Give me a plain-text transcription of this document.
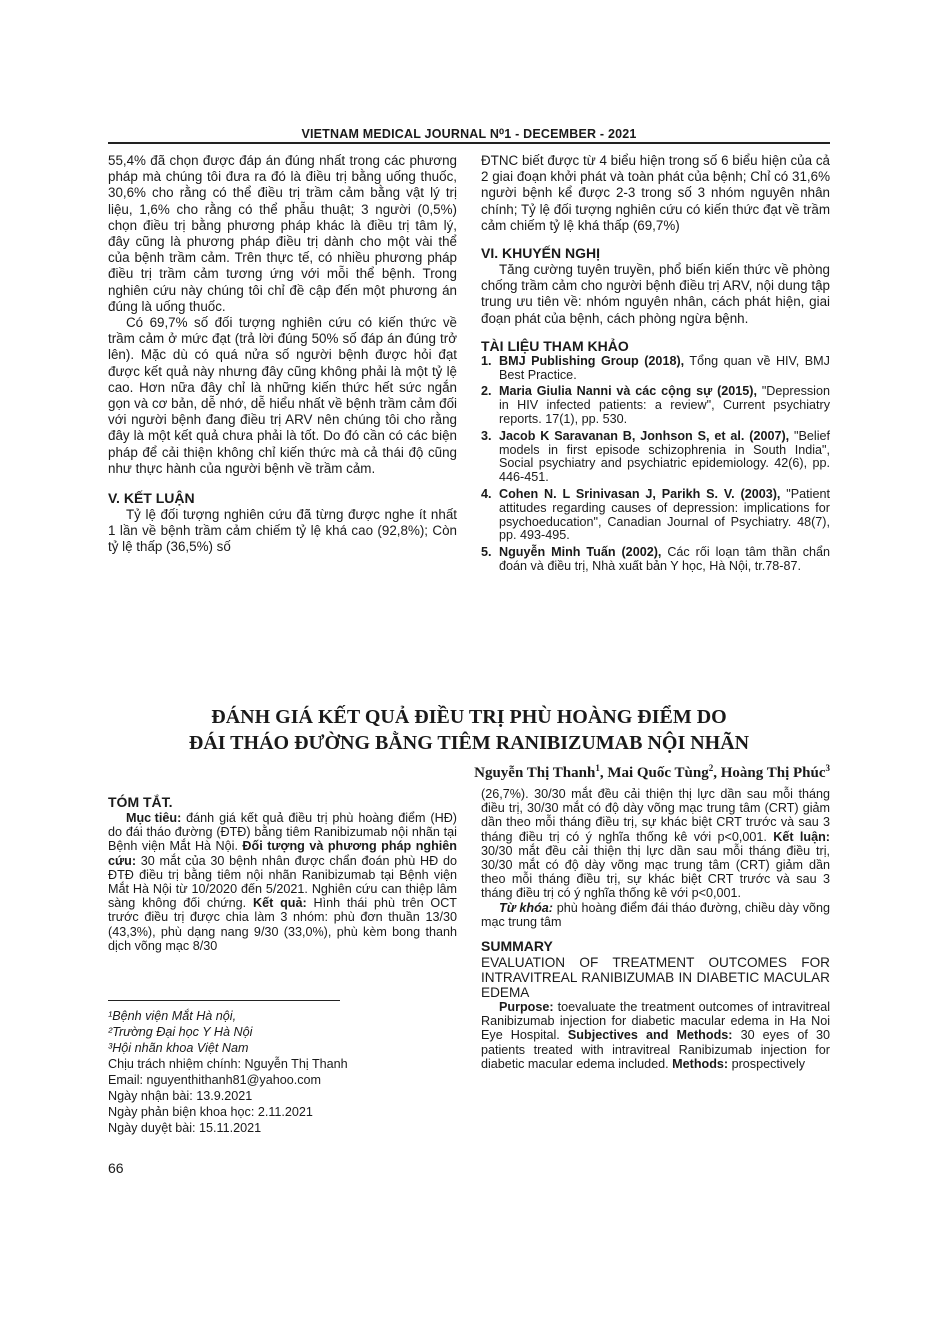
VIETNAM MEDICAL JOURNAL N⁰1 - DECEMBER - 2021

55,4% đã chọn được đáp án đúng nhất trong các phương pháp mà chúng tôi đưa ra đó là điều trị bằng uống thuốc, 30,6% cho rằng có thể điều trị trầm cảm bằng vật lý trị liệu, 1,6% cho rằng có thể phẫu thuật; 3 người (0,5%) chọn điều trị bằng phương pháp khác là điều trị tâm lý, đây cũng là phương pháp điều trị dành cho một vài thể của bệnh trầm cảm. Trên thực tế, có nhiều phương pháp điều trị trầm cảm tương ứng với mỗi thể bệnh. Trong nghiên cứu này chúng tôi chỉ đề cập đến một phương án đúng là uống thuốc.

Có 69,7% số đối tượng nghiên cứu có kiến thức về trầm cảm ở mức đạt (trả lời đúng 50% số đáp án đúng trở lên). Mặc dù có quá nửa số người bệnh được hỏi đạt được kết quả này nhưng đây cũng không phải là một tỷ lệ cao. Hơn nữa đây chỉ là những kiến thức hết sức ngắn gọn và cơ bản, dễ nhớ, dễ hiểu nhất về bệnh trầm cảm đối với người bệnh đang điều trị ARV nên chúng tôi cho rằng đây là một kết quả chưa phải là tốt. Do đó cần có các biện pháp để cải thiện không chỉ kiến thức mà cả thái độ cũng như thực hành của người bệnh về trầm cảm.

V. KẾT LUẬN

Tỷ lệ đối tượng nghiên cứu đã từng được nghe ít nhất 1 lần về bệnh trầm cảm chiếm tỷ lệ khá cao (92,8%); Còn tỷ lệ thấp (36,5%) số

ĐTNC biết được từ 4 biểu hiện trong số 6 biểu hiện của cả 2 giai đoạn khởi phát và toàn phát của bệnh; Chỉ có 31,6% người bệnh kể được 2-3 trong số 3 nhóm nguyên nhân chính; Tỷ lệ đối tượng nghiên cứu có kiến thức đạt về trầm cảm chiếm tỷ lệ khá thấp (69,7%)

VI. KHUYẾN NGHỊ

Tăng cường tuyên truyền, phổ biến kiến thức về phòng chống trầm cảm cho người bệnh điều trị ARV, nội dung tập trung ưu tiên về: nhóm nguyên nhân, cách phát hiện, giai đoạn phát của bệnh, cách phòng ngừa bệnh.

TÀI LIỆU THAM KHẢO

1. BMJ Publishing Group (2018), Tổng quan về HIV, BMJ Best Practice.
2. Maria Giulia Nanni và các cộng sự (2015), "Depression in HIV infected patients: a review", Current psychiatry reports. 17(1), pp. 530.
3. Jacob K Saravanan B, Jonhson S, et al. (2007), "Belief models in first episode schizophrenia in South India", Social psychiatry and psychiatric epidemiology. 42(6), pp. 446-451.
4. Cohen N. L Srinivasan J, Parikh S. V. (2003), "Patient attitudes regarding causes of depression: implications for psychoeducation", Canadian Journal of Psychiatry. 48(7), pp. 493-495.
5. Nguyễn Minh Tuấn (2002), Các rối loạn tâm thần chẩn đoán và điều trị, Nhà xuất bản Y học, Hà Nội, tr.78-87.
ĐÁNH GIÁ KẾT QUẢ ĐIỀU TRỊ PHÙ HOÀNG ĐIỂM DO
ĐÁI THÁO ĐƯỜNG BẰNG TIÊM RANIBIZUMAB NỘI NHÃN
Nguyễn Thị Thanh$^1$, Mai Quốc Tùng$^2$, Hoàng Thị Phúc$^3$
TÓM TẮT.
Mục tiêu: đánh giá kết quả điều trị phù hoàng điểm (HĐ) do đái tháo đường (ĐTĐ) bằng tiêm Ranibizumab nội nhãn tại Bệnh viện Mắt Hà Nội. Đối tượng và phương pháp nghiên cứu: 30 mắt của 30 bệnh nhân được chẩn đoán phù HĐ do ĐTĐ điều trị bằng tiêm nội nhãn Ranibizumab tại Bệnh viện Mắt Hà Nội từ 10/2020 đến 5/2021. Nghiên cứu can thiệp lâm sàng không đối chứng. Kết quả: Hình thái phù trên OCT trước điều trị được chia làm 3 nhóm: phù đơn thuần 13/30 (43,3%), phù dạng nang 9/30 (33,0%), phù kèm bong thanh dịch võng mạc 8/30
¹Bệnh viện Mắt Hà nội,
²Trường Đại học Y Hà Nội
³Hội nhãn khoa Việt Nam
Chịu trách nhiệm chính: Nguyễn Thị Thanh
Email: nguyenthithanh81@yahoo.com
Ngày nhận bài: 13.9.2021
Ngày phản biện khoa học: 2.11.2021
Ngày duyệt bài: 15.11.2021

(26,7%). 30/30 mắt đều cải thiện thị lực dần sau mỗi tháng điều trị, 30/30 mắt có độ dày võng mạc trung tâm (CRT) giảm dần theo mỗi tháng điều trị, sự khác biệt CRT trước và sau 3 tháng điều trị có ý nghĩa thống kê với p<0,001. Kết luận: 30/30 mắt đều cải thiện thị lực dần sau mỗi tháng điều trị, 30/30 mắt có độ dày võng mạc trung tâm (CRT) giảm dần theo mỗi tháng điều trị, sự khác biệt CRT trước và sau 3 tháng điều trị có ý nghĩa thống kê với p<0,001.

Từ khóa: phù hoàng điểm đái tháo đường, chiều dày võng mạc trung tâm

SUMMARY

EVALUATION OF TREATMENT OUTCOMES FOR INTRAVITREAL RANIBIZUMAB IN DIABETIC MACULAR EDEMA

Purpose: toevaluate the treatment outcomes of intravitreal Ranibizumab injection for diabetic macular edema in Ha Noi Eye Hospital. Subjectives and Methods: 30 eyes of 30 patients treated with intravitreal Ranibizumab injection for diabetic macular edema included. Methods: prospectively

66
